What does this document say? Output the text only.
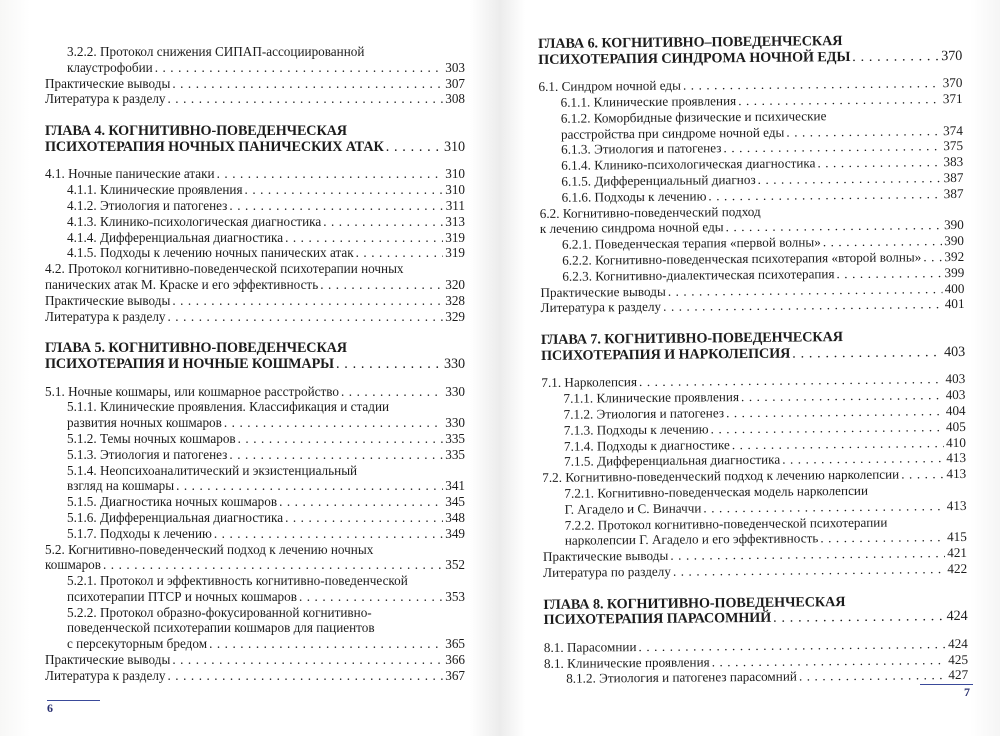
3.2.2. Протокол снижения СИПАП-ассоциированной
клаустрофобии . . .	303
Практические выводы . . .	307
Литература к разделу . . .	308
ГЛАВА 4. КОГНИТИВНО-ПОВЕДЕНЧЕСКАЯ
ПСИХОТЕРАПИЯ НОЧНЫХ ПАНИЧЕСКИХ АТАК . . .	310
4.1. Ночные панические атаки . . .	310
4.1.1. Клинические проявления . . .	310
4.1.2. Этиология и патогенез . . .	311
4.1.3. Клинико-психологическая диагностика . . .	313
4.1.4. Дифференциальная диагностика . . .	319
4.1.5. Подходы к лечению ночных панических атак . . .	319
4.2. Протокол когнитивно-поведенческой психотерапии ночных
панических атак М. Краске и его эффективность . . .	320
Практические выводы . . .	328
Литература к разделу . . .	329
ГЛАВА 5. КОГНИТИВНО-ПОВЕДЕНЧЕСКАЯ
ПСИХОТЕРАПИЯ И НОЧНЫЕ КОШМАРЫ . . .	330
5.1. Ночные кошмары, или кошмарное расстройство . . .	330
5.1.1. Клинические проявления. Классификация и стадии
развития ночных кошмаров . . .	330
5.1.2. Темы ночных кошмаров . . .	335
5.1.3. Этиология и патогенез . . .	335
5.1.4. Неопсихоаналитический и экзистенциальный
взгляд на кошмары . . .	341
5.1.5. Диагностика ночных кошмаров . . .	345
5.1.6. Дифференциальная диагностика . . .	348
5.1.7. Подходы к лечению . . .	349
5.2. Когнитивно-поведенческий подход к лечению ночных
кошмаров . . .	352
5.2.1. Протокол и эффективность когнитивно-поведенческой
психотерапии ПТСР и ночных кошмаров . . .	353
5.2.2. Протокол образно-фокусированной когнитивно-
поведенческой психотерапии кошмаров для пациентов
с персекуторным бредом . . .	365
Практические выводы . . .	366
Литература к разделу . . .	367
ГЛАВА 6. КОГНИТИВНО–ПОВЕДЕНЧЕСКАЯ
ПСИХОТЕРАПИЯ СИНДРОМА НОЧНОЙ ЕДЫ . . .	370
6.1. Синдром ночной еды . . .	370
6.1.1. Клинические проявления . . .	371
6.1.2. Коморбидные физические и психические
расстройства при синдроме ночной еды . . .	374
6.1.3. Этиология и патогенез . . .	375
6.1.4. Клинико-психологическая диагностика . . .	383
6.1.5. Дифференциальный диагноз . . .	387
6.1.6. Подходы к лечению . . .	387
6.2. Когнитивно-поведенческий подход
к лечению синдрома ночной еды . . .	390
6.2.1. Поведенческая терапия «первой волны» . . .	390
6.2.2. Когнитивно-поведенческая психотерапия «второй волны» . . . 392
6.2.3. Когнитивно-диалектическая психотерапия . . .	399
Практические выводы . . .	400
Литература к разделу . . .	401
ГЛАВА 7. КОГНИТИВНО-ПОВЕДЕНЧЕСКАЯ
ПСИХОТЕРАПИЯ И НАРКОЛЕПСИЯ . . .	403
7.1. Нарколепсия . . .	403
7.1.1. Клинические проявления . . .	403
7.1.2. Этиология и патогенез . . .	404
7.1.3. Подходы к лечению . . .	405
7.1.4. Подходы к диагностике . . .	410
7.1.5. Дифференциальная диагностика . . .	413
7.2. Когнитивно-поведенческий подход к лечению нарколепсии . . .	413
7.2.1. Когнитивно-поведенческая модель нарколепсии
Г. Агадело и С. Виначчи . . .	413
7.2.2. Протокол когнитивно-поведенческой психотерапии
нарколепсии Г. Агадело и его эффективность . . .	415
Практические выводы . . .	421
Литература по разделу . . .	422
ГЛАВА 8. КОГНИТИВНО-ПОВЕДЕНЧЕСКАЯ
ПСИХОТЕРАПИЯ ПАРАСОМНИЙ . . .	424
8.1. Парасомнии . . .	424
8.1. Клинические проявления . . .	425
8.1.2. Этиология и патогенез парасомний . . .	427
6
7
